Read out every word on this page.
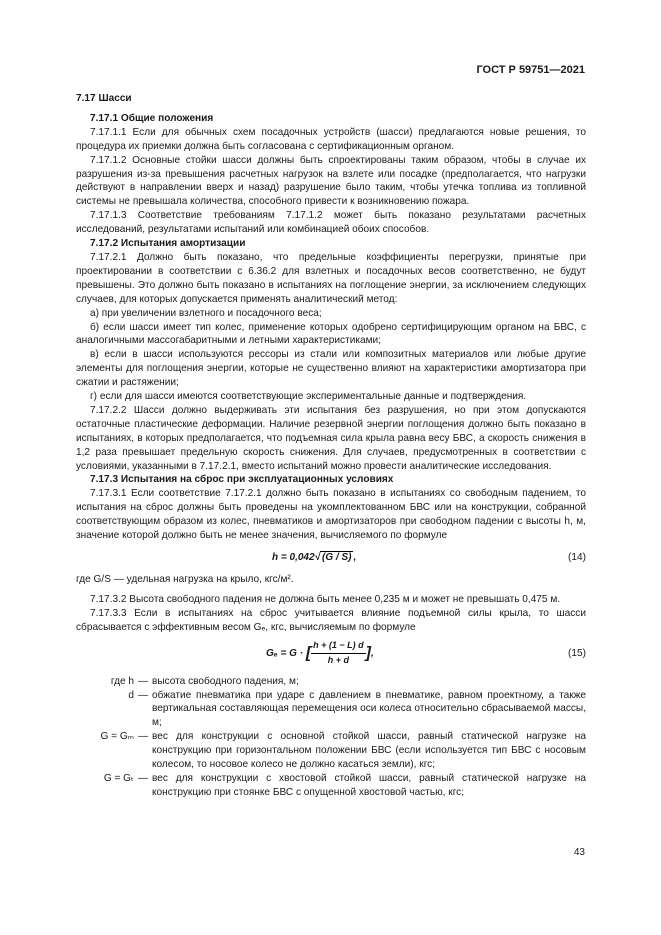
ГОСТ Р 59751—2021

7.17 Шасси

7.17.1 Общие положения

7.17.1.1 Если для обычных схем посадочных устройств (шасси) предлагаются новые решения, то процедура их приемки должна быть согласована с сертификационным органом.

7.17.1.2 Основные стойки шасси должны быть спроектированы таким образом, чтобы в случае их разрушения из-за превышения расчетных нагрузок на взлете или посадке (предполагается, что нагрузки действуют в направлении вверх и назад) разрушение было таким, чтобы утечка топлива из топливной системы не превышала количества, способного привести к возникновению пожара.

7.17.1.3 Соответствие требованиям 7.17.1.2 может быть показано результатами расчетных исследований, результатами испытаний или комбинацией обоих способов.

7.17.2 Испытания амортизации

7.17.2.1 Должно быть показано, что предельные коэффициенты перегрузки, принятые при проектировании в соответствии с 6.36.2 для взлетных и посадочных весов соответственно, не будут превышены. Это должно быть показано в испытаниях на поглощение энергии, за исключением следующих случаев, для которых допускается применять аналитический метод:

а) при увеличении взлетного и посадочного веса;

б) если шасси имеет тип колес, применение которых одобрено сертифицирующим органом на БВС, с аналогичными массогабаритными и летными характеристиками;

в) если в шасси используются рессоры из стали или композитных материалов или любые другие элементы для поглощения энергии, которые не существенно влияют на характеристики амортизатора при сжатии и растяжении;

г) если для шасси имеются соответствующие экспериментальные данные и подтверждения.

7.17.2.2 Шасси должно выдерживать эти испытания без разрушения, но при этом допускаются остаточные пластические деформации. Наличие резервной энергии поглощения должно быть показано в испытаниях, в которых предполагается, что подъемная сила крыла равна весу БВС, а скорость снижения в 1,2 раза превышает предельную скорость снижения. Для случаев, предусмотренных в соответствии с условиями, указанными в 7.17.2.1, вместо испытаний можно провести аналитические исследования.

7.17.3 Испытания на сброс при эксплуатационных условиях

7.17.3.1 Если соответствие 7.17.2.1 должно быть показано в испытаниях со свободным падением, то испытания на сброс должны быть проведены на укомплектованном БВС или на конструкции, собранной соответствующим образом из колес, пневматиков и амортизаторов при свободном падении с высоты h, м, значение которой должно быть не менее значения, вычисляемого по формуле

h = 0,042√ (G / S) ,	(14)

где G/S — удельная нагрузка на крыло, кгс/м².

7.17.3.2 Высота свободного падения не должна быть менее 0,235 м и может не превышать 0,475 м.

7.17.3.3 Если в испытаниях на сброс учитывается влияние подъемной силы крыла, то шасси сбрасывается с эффективным весом Gₑ, кгс, вычисляемым по формуле

Gₑ = G · [ $\frac{h + (1 - L) d}{h + d}$ ],	(15)
где h — высота свободного падения, м;
d — обжатие пневматика при ударе с давлением в пневматике, равном проектному, а также вертикальная составляющая перемещения оси колеса относительно сбрасываемой массы, м;
G = Gₘ — вес для конструкции с основной стойкой шасси, равный статической нагрузке на конструкцию при горизонтальном положении БВС (если используется тип БВС с носовым колесом, то носовое колесо не должно касаться земли), кгс;
G = Gₜ — вес для конструкции с хвостовой стойкой шасси, равный статической нагрузке на конструкцию при стоянке БВС с опущенной хвостовой частью, кгс;
43
